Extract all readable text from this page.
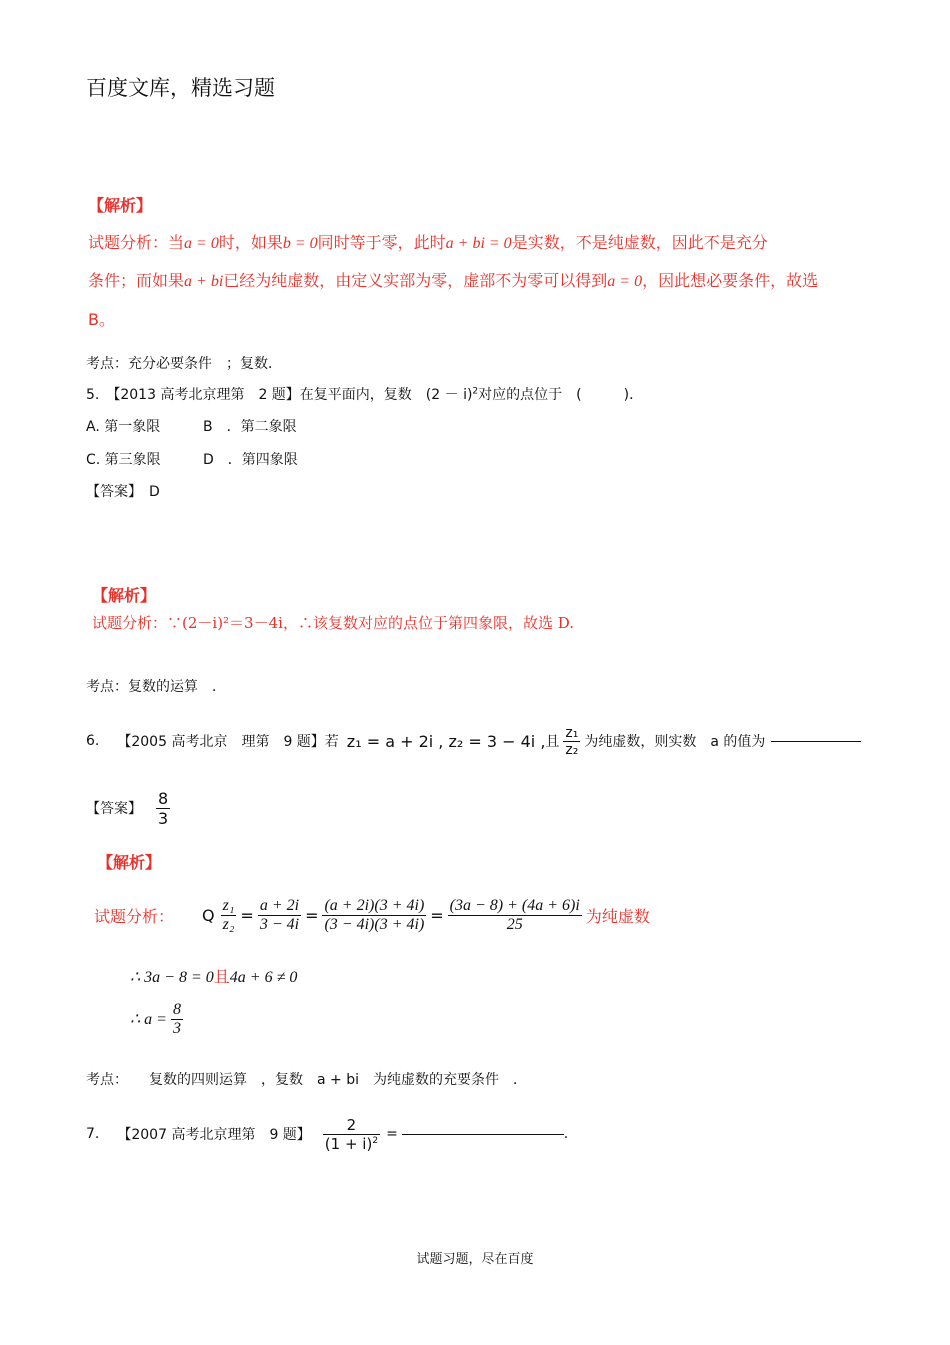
百度文库，精选习题
【解析】
试题分析：当a = 0时，如果b = 0同时等于零，此时a + bi = 0是实数，不是纯虚数，因此不是充分
条件；而如果a + bi已经为纯虚数，由定义实部为零，虚部不为零可以得到a = 0，因此想必要条件，故选
B。
考点：充分必要条件　；复数．
5.　 【2013 高考北京理第　2 题】在复平面内，复数　$(2 - i)^2$对应的点位于　(　　　)．
A. 第一象限	B　．第二象限
C. 第三象限	D　．第四象限
【答案】　D
【解析】
试题分析：∵(2－i)²＝3－4i，∴该复数对应的点位于第四象限，故选 D.
考点：复数的运算　．
6. 【2005 高考北京　理第　9 题】若 z₁ = a + 2i , z₂ = 3 − 4i , 且 $\frac{\text{z₁}}{\text{z₂}}$ 为纯虚数，则实数　a 的值为
【答案】 $\frac{8}{3}$
【解析】
试题分析： Q $\frac{\text{z₁}}{\text{z₂}} = \frac{a + 2i}{3 - 4i} = \frac{(a + 2i)(3 + 4i)}{(3 - 4i)(3 + 4i)} = \frac{(3a - 8) + (4a + 6)i}{25}$ 为纯虚数
∴ 3a − 8 = 0且4a + 6 ≠ 0
∴ $a = \frac{8}{3}$
考点：　　复数的四则运算　，复数　a + bi　为纯虚数的充要条件　．
7. 【2007 高考北京理第　9 题】 $\frac{2}{(1 + i)^2}$ =	.
试题习题，尽在百度
